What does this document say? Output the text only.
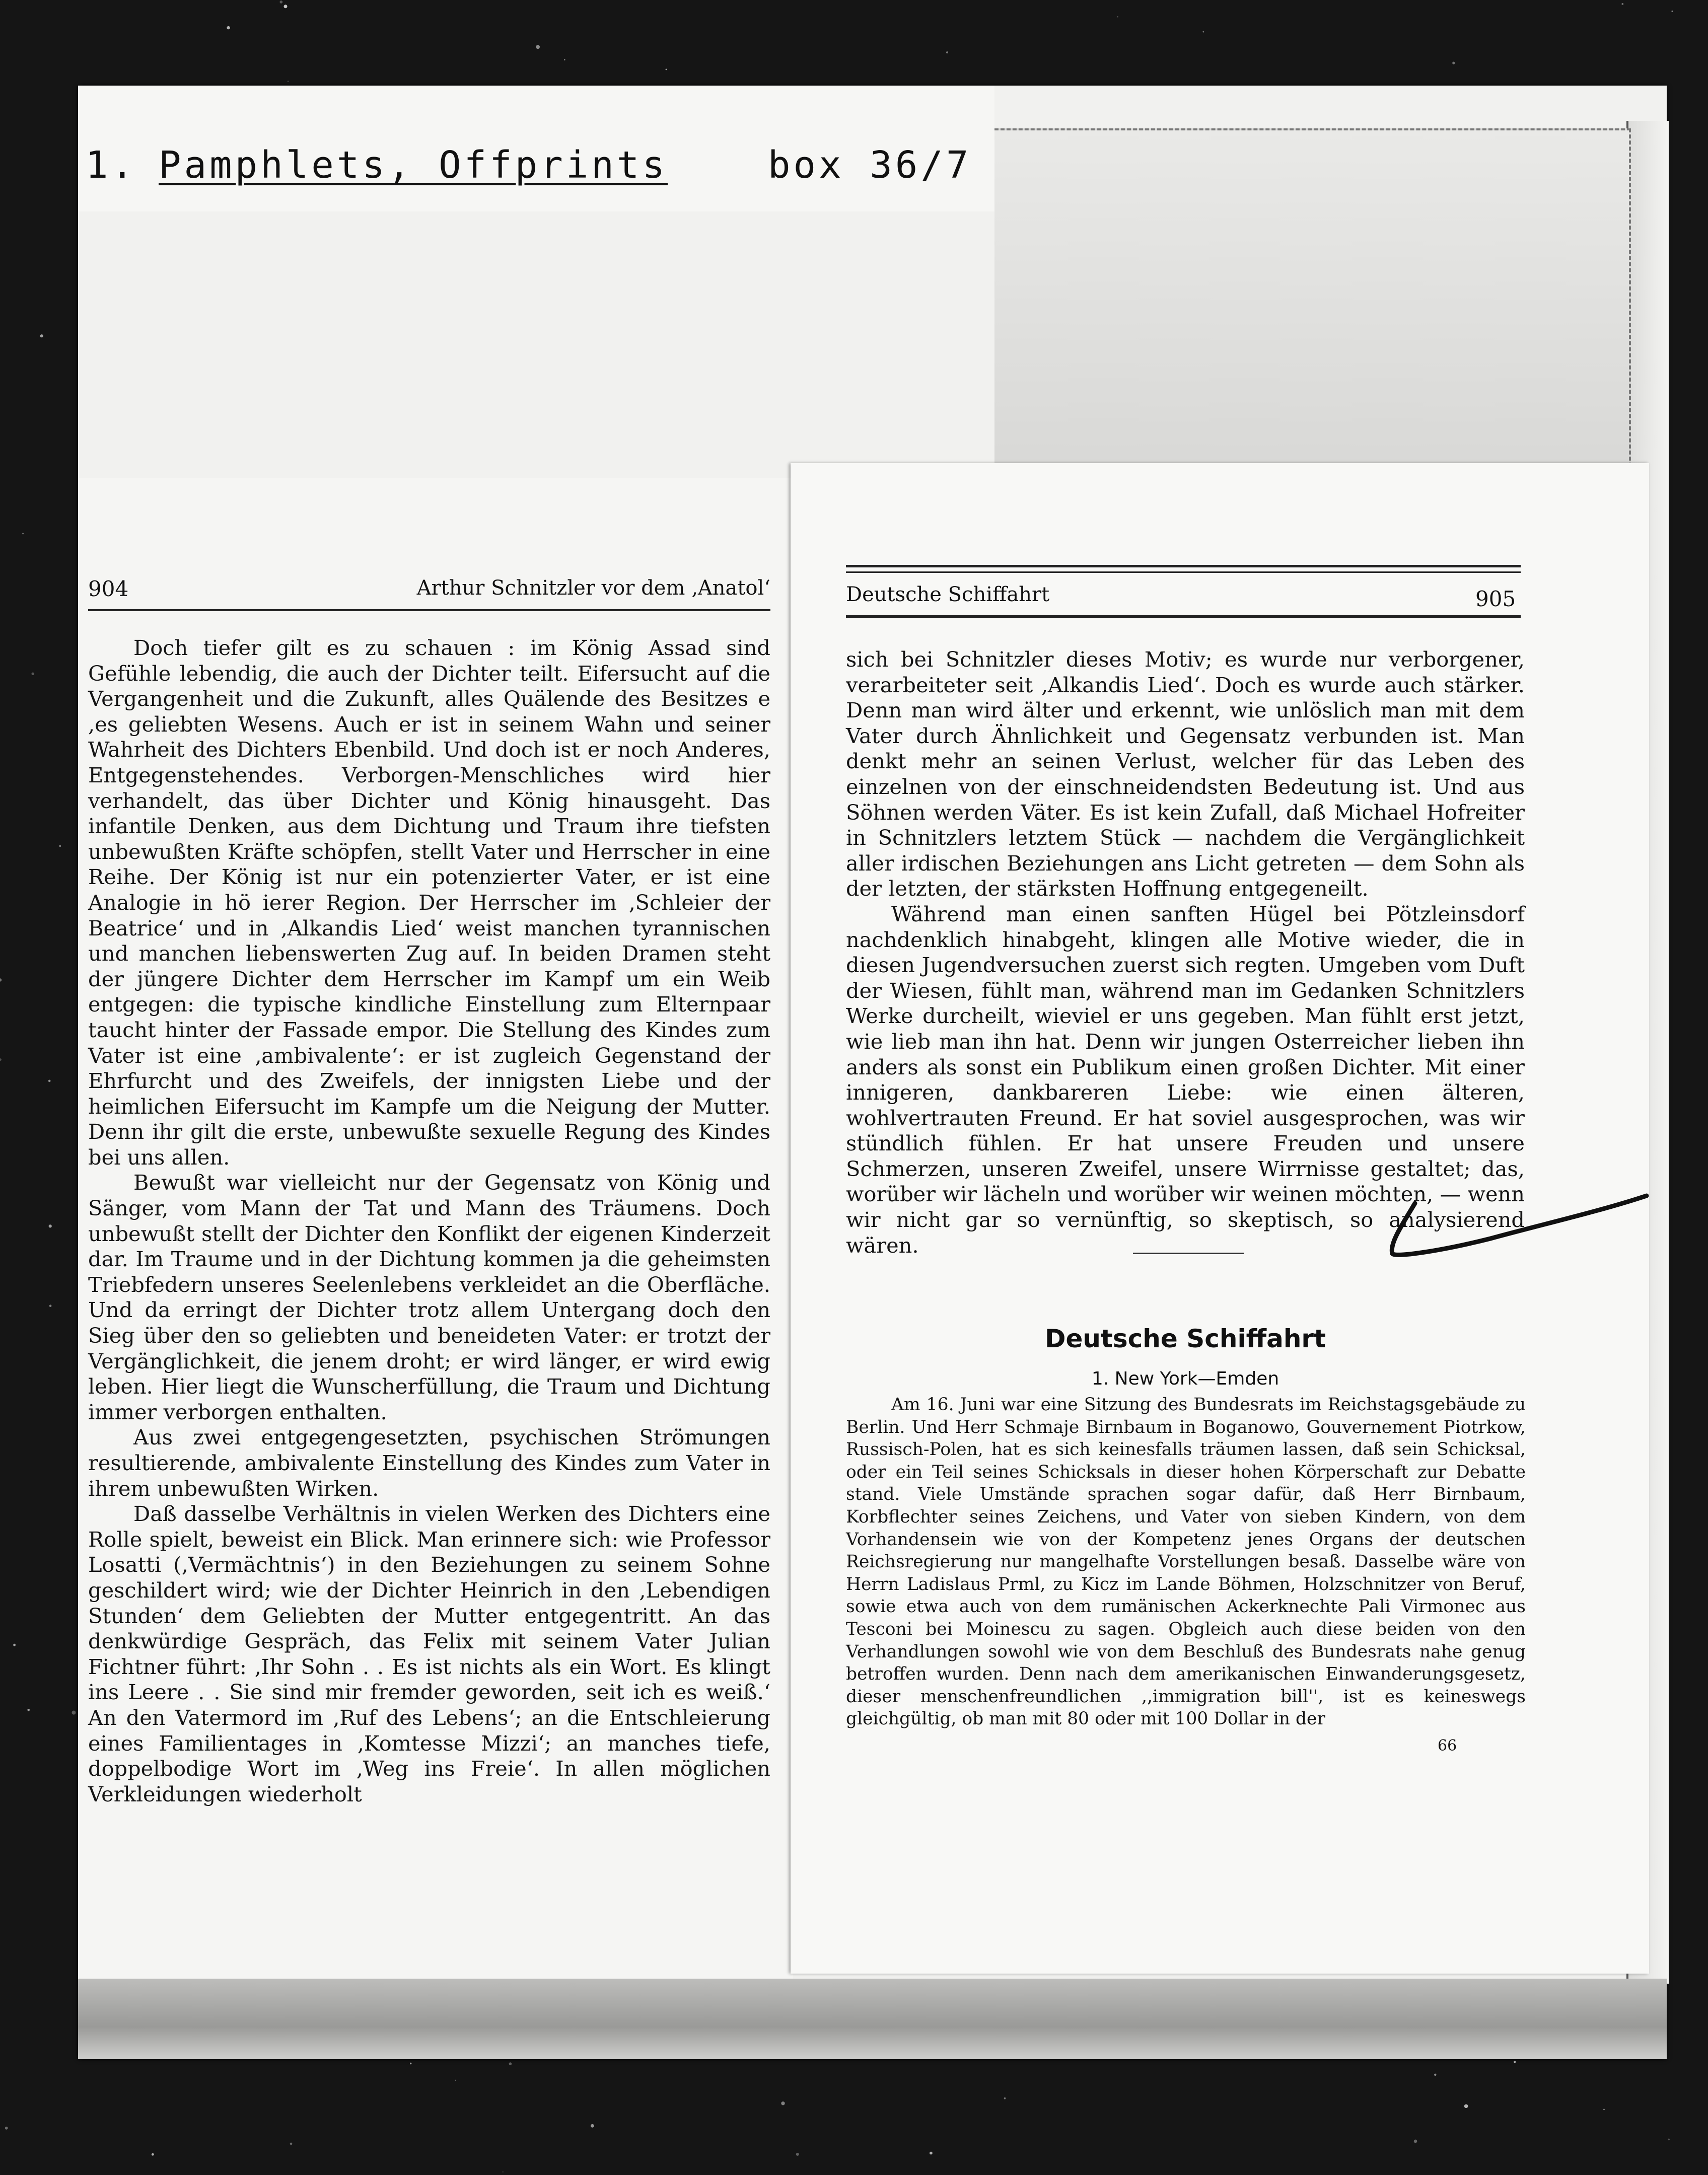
1. Pamphlets, Offprints	box 36/7
904	Arthur Schnitzler vor dem ‚Anatol‘	Deutsche Schiffahrt	905

Doch tiefer gilt es zu schauen : im König Assad sind Gefühle lebendig, die auch der Dichter teilt. Eifersucht auf die Vergangenheit und die Zukunft, alles Quälende des Besitzes e ,es geliebten Wesens. Auch er ist in seinem Wahn und seiner Wahrheit des Dichters Ebenbild. Und doch ist er noch Anderes, Entgegenstehendes. Verborgen-Menschliches wird hier verhandelt, das über Dichter und König hinausgeht. Das infantile Denken, aus dem Dichtung und Traum ihre tiefsten unbewußten Kräfte schöpfen, stellt Vater und Herrscher in eine Reihe. Der König ist nur ein potenzierter Vater, er ist eine Analogie in hö ierer Region. Der Herrscher im ‚Schleier der Beatrice‘ und in ‚Alkandis Lied‘ weist manchen tyrannischen und manchen liebenswerten Zug auf. In beiden Dramen steht der jüngere Dichter dem Herrscher im Kampf um ein Weib entgegen: die typische kindliche Einstellung zum Elternpaar taucht hinter der Fassade empor. Die Stellung des Kindes zum Vater ist eine ‚ambivalente‘: er ist zugleich Gegenstand der Ehrfurcht und des Zweifels, der innigsten Liebe und der heimlichen Eifersucht im Kampfe um die Neigung der Mutter. Denn ihr gilt die erste, unbewußte sexuelle Regung des Kindes bei uns allen.

Bewußt war vielleicht nur der Gegensatz von König und Sänger, vom Mann der Tat und Mann des Träumens. Doch unbewußt stellt der Dichter den Konflikt der eigenen Kinderzeit dar. Im Traume und in der Dichtung kommen ja die geheimsten Triebfedern unseres Seelenlebens verkleidet an die Oberfläche. Und da erringt der Dichter trotz allem Untergang doch den Sieg über den so geliebten und beneideten Vater: er trotzt der Vergänglichkeit, die jenem droht; er wird länger, er wird ewig leben. Hier liegt die Wunscherfüllung, die Traum und Dichtung immer verborgen enthalten.

Aus zwei entgegengesetzten, psychischen Strömungen resultierende, ambivalente Einstellung des Kindes zum Vater in ihrem unbewußten Wirken.

Daß dasselbe Verhältnis in vielen Werken des Dichters eine Rolle spielt, beweist ein Blick. Man erinnere sich: wie Professor Losatti (‚Vermächtnis‘) in den Beziehungen zu seinem Sohne geschildert wird; wie der Dichter Heinrich in den ‚Lebendigen Stunden‘ dem Geliebten der Mutter entgegentritt. An das denkwürdige Gespräch, das Felix mit seinem Vater Julian Fichtner führt: ‚Ihr Sohn . . Es ist nichts als ein Wort. Es klingt ins Leere . . Sie sind mir fremder geworden, seit ich es weiß.‘ An den Vatermord im ‚Ruf des Lebens‘; an die Entschleierung eines Familientages in ‚Komtesse Mizzi‘; an manches tiefe, doppelbodige Wort im ‚Weg ins Freie‘. In allen möglichen Verkleidungen wiederholt

sich bei Schnitzler dieses Motiv; es wurde nur verborgener, verarbeiteter seit ‚Alkandis Lied‘. Doch es wurde auch stärker. Denn man wird älter und erkennt, wie unlöslich man mit dem Vater durch Ähnlichkeit und Gegensatz verbunden ist. Man denkt mehr an seinen Verlust, welcher für das Leben des einzelnen von der einschneidendsten Bedeutung ist. Und aus Söhnen werden Väter. Es ist kein Zufall, daß Michael Hofreiter in Schnitzlers letztem Stück — nachdem die Vergänglichkeit aller irdischen Beziehungen ans Licht getreten — dem Sohn als der letzten, der stärksten Hoffnung entgegeneilt.

Während man einen sanften Hügel bei Pötzleinsdorf nachdenklich hinabgeht, klingen alle Motive wieder, die in diesen Jugendversuchen zuerst sich regten. Umgeben vom Duft der Wiesen, fühlt man, während man im Gedanken Schnitzlers Werke durcheilt, wieviel er uns gegeben. Man fühlt erst jetzt, wie lieb man ihn hat. Denn wir jungen Osterreicher lieben ihn anders als sonst ein Publikum einen großen Dichter. Mit einer innigeren, dankbareren Liebe: wie einen älteren, wohlvertrauten Freund. Er hat soviel ausgesprochen, was wir stündlich fühlen. Er hat unsere Freuden und unsere Schmerzen, unseren Zweifel, unsere Wirrnisse gestaltet; das, worüber wir lächeln und worüber wir weinen möchten, — wenn wir nicht gar so vernünftig, so skeptisch, so analysierend wären.

Deutsche Schiffahrt
1. New York—Emden

Am 16. Juni war eine Sitzung des Bundesrats im Reichstagsgebäude zu Berlin. Und Herr Schmaje Birnbaum in Boganowo, Gouvernement Piotrkow, Russisch-Polen, hat es sich keinesfalls träumen lassen, daß sein Schicksal, oder ein Teil seines Schicksals in dieser hohen Körperschaft zur Debatte stand. Viele Umstände sprachen sogar dafür, daß Herr Birnbaum, Korbflechter seines Zeichens, und Vater von sieben Kindern, von dem Vorhandensein wie von der Kompetenz jenes Organs der deutschen Reichsregierung nur mangelhafte Vorstellungen besaß. Dasselbe wäre von Herrn Ladislaus Prml, zu Kicz im Lande Böhmen, Holzschnitzer von Beruf, sowie etwa auch von dem rumänischen Ackerknechte Pali Virmonec aus Tesconi bei Moinescu zu sagen. Obgleich auch diese beiden von den Verhandlungen sowohl wie von dem Beschluß des Bundesrats nahe genug betroffen wurden. Denn nach dem amerikanischen Einwanderungsgesetz, dieser menschenfreundlichen ,,immigration bill'', ist es keineswegs gleichgültig, ob man mit 80 oder mit 100 Dollar in der

66
